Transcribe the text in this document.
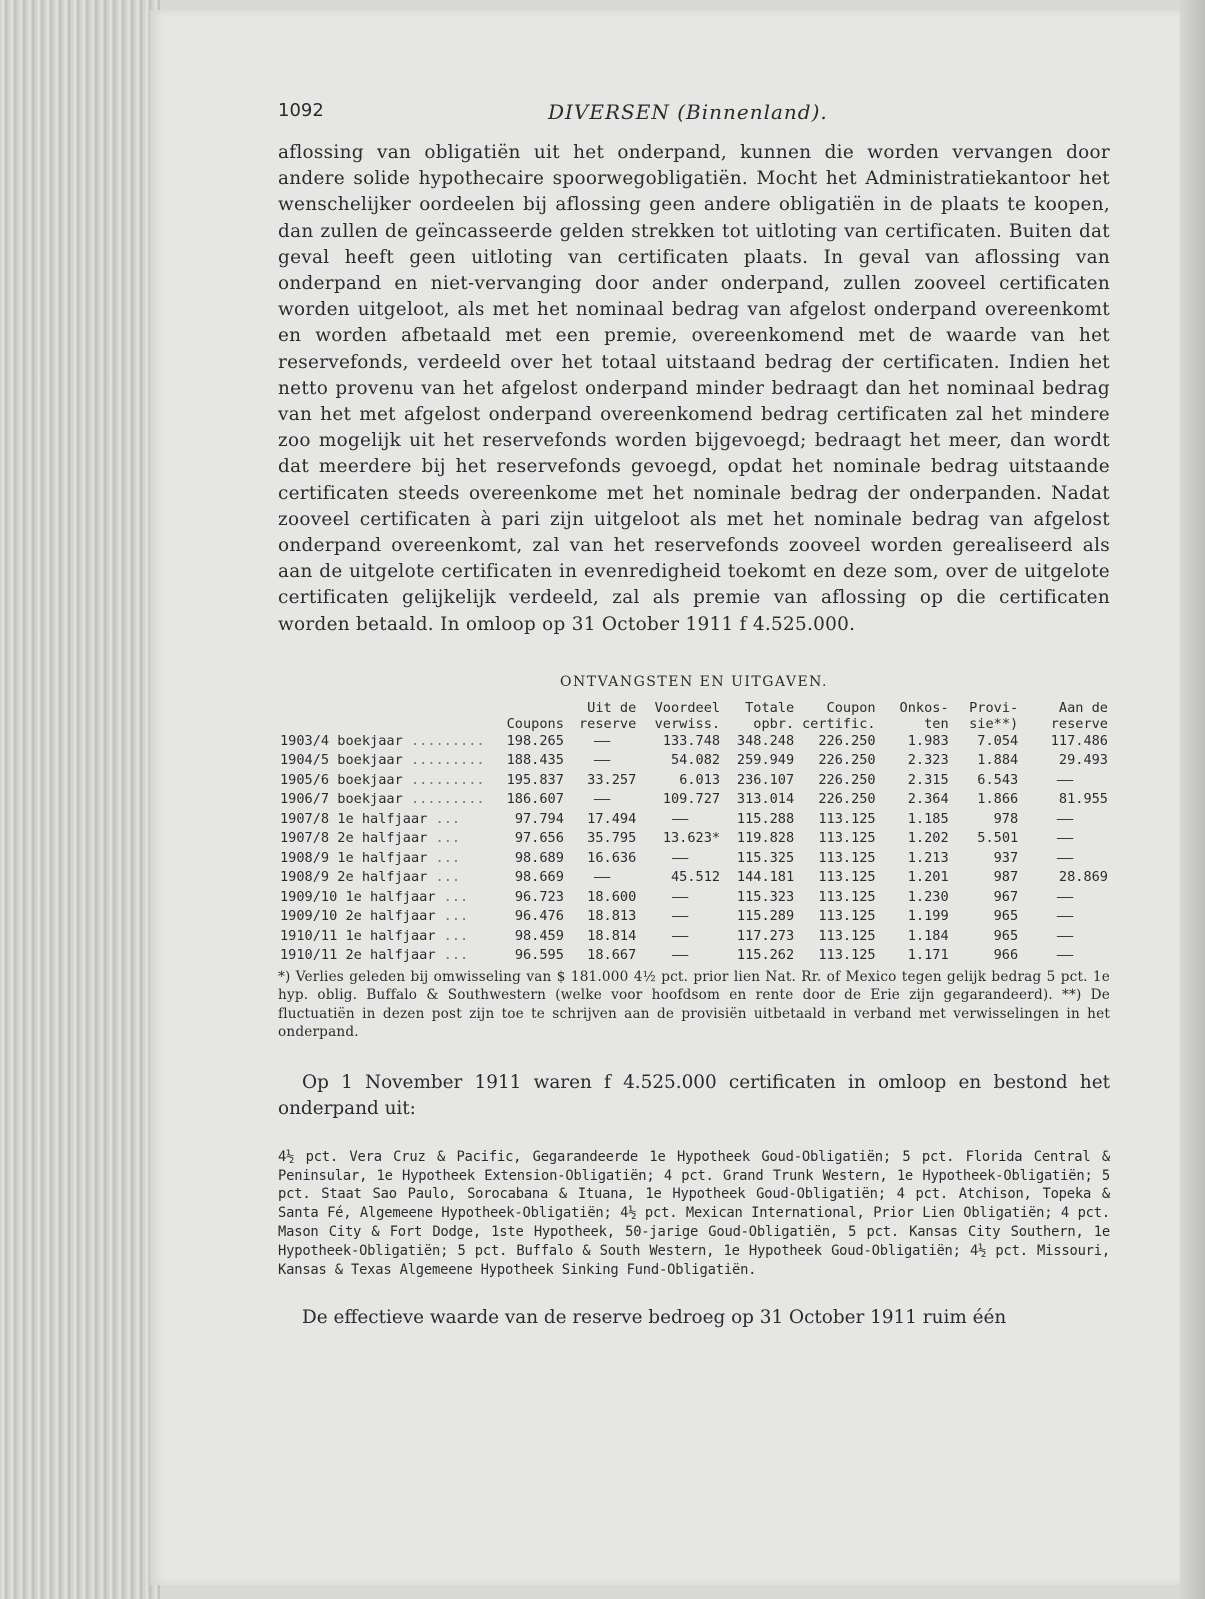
1092	DIVERSEN (Binnenland).

aflossing van obligatiën uit het onderpand, kunnen die worden vervangen door andere solide hypothecaire spoorwegobligatiën. Mocht het Administratiekantoor het wenschelijker oordeelen bij aflossing geen andere obligatiën in de plaats te koopen, dan zullen de geïncasseerde gelden strekken tot uitloting van certificaten. Buiten dat geval heeft geen uitloting van certificaten plaats. In geval van aflossing van onderpand en niet-vervanging door ander onderpand, zullen zooveel certificaten worden uitgeloot, als met het nominaal bedrag van afgelost onderpand overeenkomt en worden afbetaald met een premie, overeenkomend met de waarde van het reservefonds, verdeeld over het totaal uitstaand bedrag der certificaten. Indien het netto provenu van het afgelost onderpand minder bedraagt dan het nominaal bedrag van het met afgelost onderpand overeenkomend bedrag certificaten zal het mindere zoo mogelijk uit het reservefonds worden bijgevoegd; bedraagt het meer, dan wordt dat meerdere bij het reservefonds gevoegd, opdat het nominale bedrag uitstaande certificaten steeds overeenkome met het nominale bedrag der onderpanden. Nadat zooveel certificaten à pari zijn uitgeloot als met het nominale bedrag van afgelost onderpand overeenkomt, zal van het reservefonds zooveel worden gerealiseerd als aan de uitgelote certificaten in evenredigheid toekomt en deze som, over de uitgelote certificaten gelijkelijk verdeeld, zal als premie van aflossing op die certificaten worden betaald. In omloop op 31 October 1911 f 4.525.000.

ONTVANGSTEN EN UITGAVEN.
		Uit de	Voordeel	Totale	Coupon	Onkos-	Provi-	Aan de
	Coupons	reserve	verwiss.	opbr.	certific.	ten	sie**)	reserve
1903/4 boekjaar .........	198.265	——	133.748	348.248	226.250	1.983	7.054	117.486
1904/5 boekjaar .........	188.435	——	54.082	259.949	226.250	2.323	1.884	29.493
1905/6 boekjaar .........	195.837	33.257	6.013	236.107	226.250	2.315	6.543	——
1906/7 boekjaar .........	186.607	——	109.727	313.014	226.250	2.364	1.866	81.955
1907/8 1e halfjaar ...	97.794	17.494	——	115.288	113.125	1.185	978	——
1907/8 2e halfjaar ...	97.656	35.795	13.623*	119.828	113.125	1.202	5.501	——
1908/9 1e halfjaar ...	98.689	16.636	——	115.325	113.125	1.213	937	——
1908/9 2e halfjaar ...	98.669	——	45.512	144.181	113.125	1.201	987	28.869
1909/10 1e halfjaar ...	96.723	18.600	——	115.323	113.125	1.230	967	——
1909/10 2e halfjaar ...	96.476	18.813	——	115.289	113.125	1.199	965	——
1910/11 1e halfjaar ...	98.459	18.814	——	117.273	113.125	1.184	965	——
1910/11 2e halfjaar ...	96.595	18.667	——	115.262	113.125	1.171	966	——
*) Verlies geleden bij omwisseling van $ 181.000 4½ pct. prior lien Nat. Rr. of Mexico tegen gelijk bedrag 5 pct. 1e hyp. oblig. Buffalo & Southwestern (welke voor hoofdsom en rente door de Erie zijn gegarandeerd). **) De fluctuatiën in dezen post zijn toe te schrijven aan de provisiën uitbetaald in verband met verwisselingen in het onderpand.

Op 1 November 1911 waren f 4.525.000 certificaten in omloop en bestond het onderpand uit:

4½ pct. Vera Cruz & Pacific, Gegarandeerde 1e Hypotheek Goud-Obligatiën; 5 pct. Florida Central & Peninsular, 1e Hypotheek Extension-Obligatiën; 4 pct. Grand Trunk Western, 1e Hypotheek-Obligatiën; 5 pct. Staat Sao Paulo, Sorocabana & Ituana, 1e Hypotheek Goud-Obligatiën; 4 pct. Atchison, Topeka & Santa Fé, Algemeene Hypotheek-Obligatiën; 4½ pct. Mexican International, Prior Lien Obligatiën; 4 pct. Mason City & Fort Dodge, 1ste Hypotheek, 50-jarige Goud-Obligatiën, 5 pct. Kansas City Southern, 1e Hypotheek-Obligatiën; 5 pct. Buffalo & South Western, 1e Hypotheek Goud-Obligatiën; 4½ pct. Missouri, Kansas & Texas Algemeene Hypotheek Sinking Fund-Obligatiën.

De effectieve waarde van de reserve bedroeg op 31 October 1911 ruim één
